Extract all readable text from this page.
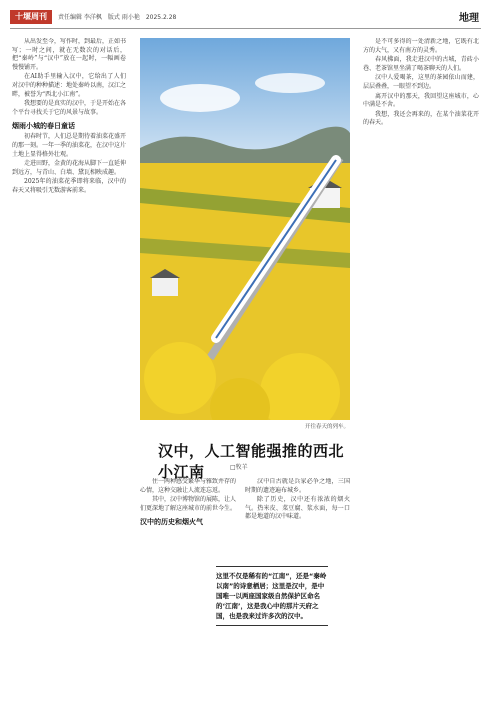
十堰周刊	责任编辑 李洋枫　版式 雨小艳　2025.2.28	地理

从出发至今，写作时，到最后，正如书写；一时之间，就在无数次的对话后，把“秦岭”与“汉中”放在一起时，一幅画卷慢慢铺开。

在AI助手里输入汉中，它给出了人们对汉中的种种描述：地处秦岭以南，汉江之畔，被誉为“西北小江南”。

我想要的是真实的汉中，于是开始在各个平台寻找关于它的风景与故事。

烟雨小城的春日童话

初春时节，人们总是期待着油菜花盛开的那一刻。一年一季的油菜花，在汉中这片土地上显得格外壮观。

走进田野，金黄的花海从脚下一直延伸到远方，与青山、白墙、黛瓦相映成趣。

2025年的油菜花季即将来临，汉中的春天又将吸引无数游客前来。

开往春天的列车。
汉中，人工智能强推的西北小江南	□牧羊

住一两种感受繁华与雅致并存的心情，这种交融让人流连忘返。

其中，汉中博物馆的展陈，让人们更深地了解这座城市的前世今生。

汉中的历史和烟火气

汉中自古就是兵家必争之地，三国时期的遗迹遍布城乡。

除了历史，汉中还有浓浓的烟火气。热米皮、菜豆腐、浆水面，每一口都是地道的汉中味道。

这里不仅是稀有的“江南”，还是“秦岭以南”的诗意栖居；这里是汉中，是中国唯一以两座国家级自然保护区命名的‘江南’，这是我心中的那片天府之国，也是我来过许多次的汉中。

是不可多得的一处清新之地，它既有北方的大气，又有南方的灵秀。

春风拂面，我走进汉中的古城，青砖小巷、老茶馆里坐满了喝茶聊天的人们。

汉中人爱喝茶，这里的茶园依山而建，层层叠叠，一眼望不到边。

离开汉中的那天，我回望这座城市，心中满是不舍。

我想，我还会再来的，在某个油菜花开的春天。
